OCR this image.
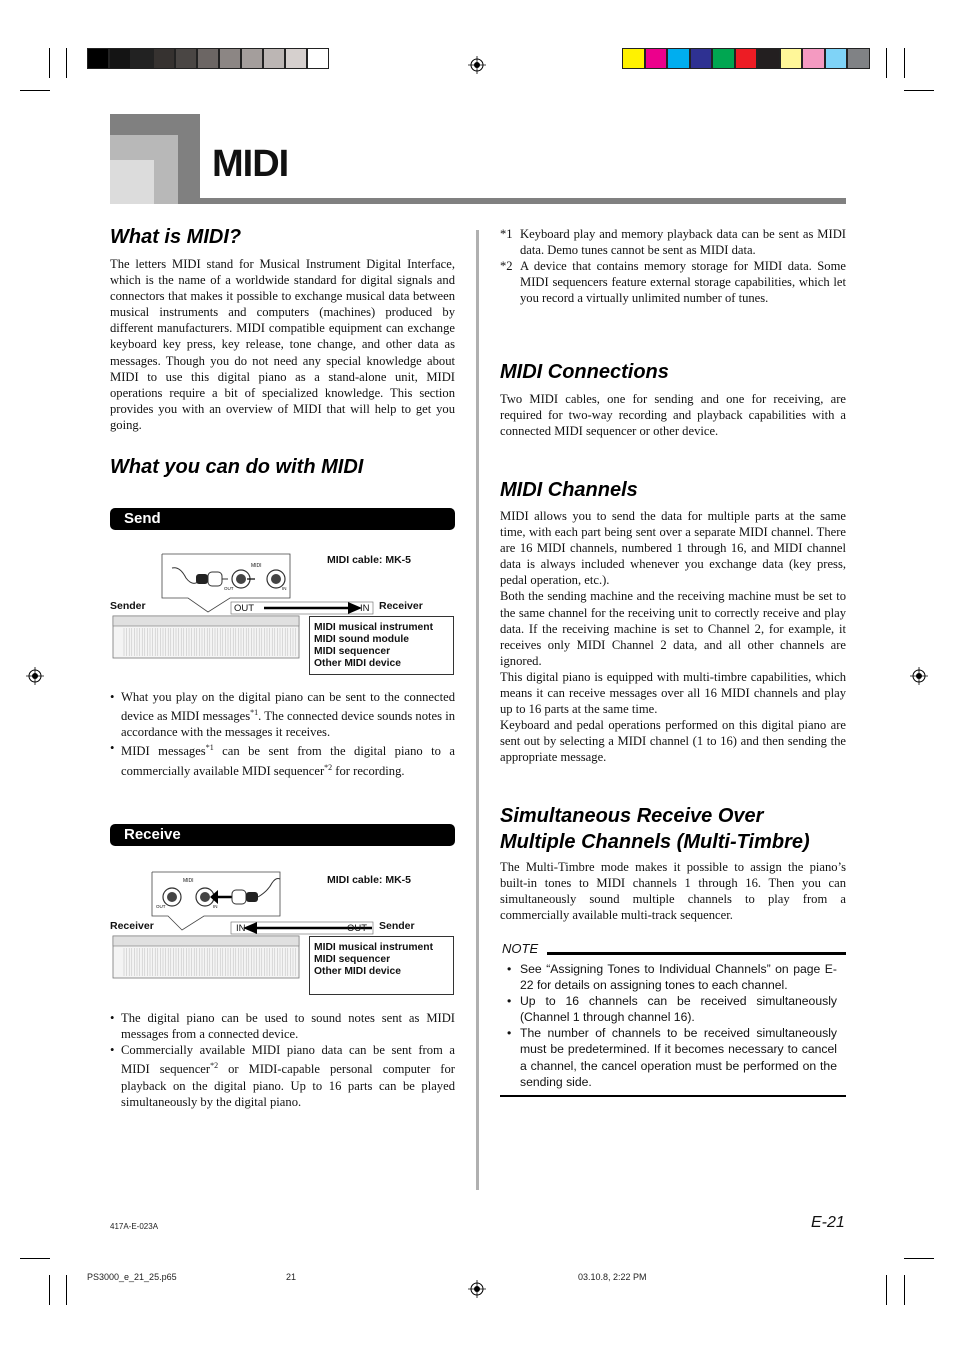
MIDI
What is MIDI?
The letters MIDI stand for Musical Instrument Digital Interface, which is the name of a worldwide standard for digital signals and connectors that makes it possible to exchange musical data between musical instruments and computers (machines) produced by different manufacturers. MIDI compatible equipment can exchange keyboard key press, key release, tone change, and other data as messages. Though you do not need any special knowledge about MIDI to use this digital piano as a stand-alone unit, MIDI operations require a bit of specialized knowledge. This section provides you with an overview of MIDI that will help to get you going.
What you can do with MIDI
Send
MIDI
OUT	IN
MIDI cable: MK-5
Sender	OUT	IN Receiver
MIDI musical instrument
MIDI sound module
MIDI sequencer
Other MIDI device
• What you play on the digital piano can be sent to the connected device as MIDI messages$^{*1}$. The connected device sounds notes in accordance with the messages it receives.
• MIDI messages$^{*1}$ can be sent from the digital piano to a commercially available MIDI sequencer$^{*2}$ for recording.
Receive
MIDI
OUT	IN
MIDI cable: MK-5
Receiver	IN	OUT Sender
MIDI musical instrument
MIDI sequencer
Other MIDI device
• The digital piano can be used to sound notes sent as MIDI messages from a connected device.
• Commercially available MIDI piano data can be sent from a MIDI sequencer$^{*2}$ or MIDI-capable personal computer for playback on the digital piano. Up to 16 parts can be played simultaneously by the digital piano.
*1 Keyboard play and memory playback data can be sent as MIDI data. Demo tunes cannot be sent as MIDI data.
*2 A device that contains memory storage for MIDI data. Some MIDI sequencers feature external storage capabilities, which let you record a virtually unlimited number of tunes.
MIDI Connections
Two MIDI cables, one for sending and one for receiving, are required for two-way recording and playback capabilities with a connected MIDI sequencer or other device.
MIDI Channels

MIDI allows you to send the data for multiple parts at the same time, with each part being sent over a separate MIDI channel. There are 16 MIDI channels, numbered 1 through 16, and MIDI channel data is always included whenever you exchange data (key press, pedal operation, etc.).

Both the sending machine and the receiving machine must be set to the same channel for the receiving unit to correctly receive and play data. If the receiving machine is set to Channel 2, for example, it receives only MIDI Channel 2 data, and all other channels are ignored.

This digital piano is equipped with multi-timbre capabilities, which means it can receive messages over all 16 MIDI channels and play up to 16 parts at the same time.

Keyboard and pedal operations performed on this digital piano are sent out by selecting a MIDI channel (1 to 16) and then sending the appropriate message.

Simultaneous Receive Over
Multiple Channels (Multi-Timbre)
The Multi-Timbre mode makes it possible to assign the piano’s built-in tones to MIDI channels 1 through 16. Then you can simultaneously sound multiple channels to play from a commercially available multi-track sequencer.
NOTE
• See “Assigning Tones to Individual Channels” on page E-22 for details on assigning tones to each channel.
• Up to 16 channels can be received simultaneously (Channel 1 through channel 16).
• The number of channels to be received simultaneously must be predetermined. If it becomes necessary to cancel a channel, the cancel operation must be performed on the sending side.
417A-E-023A	E-21
PS3000_e_21_25.p65	21	03.10.8, 2:22 PM
